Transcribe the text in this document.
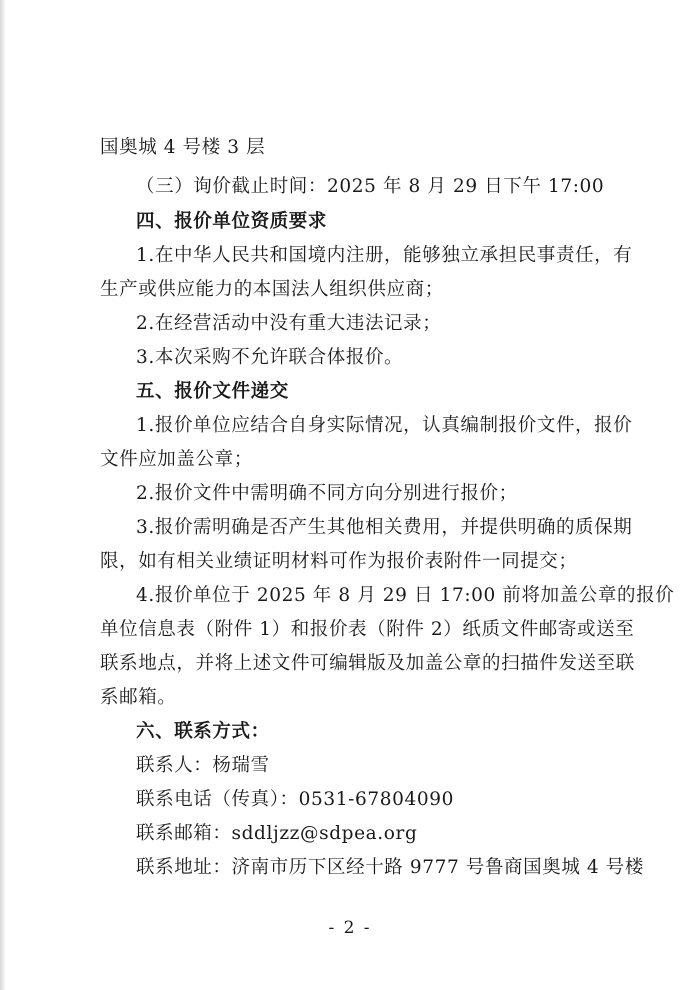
国奥城 4 号楼 3 层
（三）询价截止时间：2025 年 8 月 29 日下午 17:00
四、报价单位资质要求
1.在中华人民共和国境内注册，能够独立承担民事责任，有
生产或供应能力的本国法人组织供应商；
2.在经营活动中没有重大违法记录；
3.本次采购不允许联合体报价。
五、报价文件递交
1.报价单位应结合自身实际情况，认真编制报价文件，报价
文件应加盖公章；
2.报价文件中需明确不同方向分别进行报价；
3.报价需明确是否产生其他相关费用，并提供明确的质保期
限，如有相关业绩证明材料可作为报价表附件一同提交；
4.报价单位于 2025 年 8 月 29 日 17:00 前将加盖公章的报价
单位信息表（附件 1）和报价表（附件 2）纸质文件邮寄或送至
联系地点，并将上述文件可编辑版及加盖公章的扫描件发送至联
系邮箱。
六、联系方式：
联系人：杨瑞雪
联系电话（传真）：0531-67804090
联系邮箱：sddljzz@sdpea.org
联系地址：济南市历下区经十路 9777 号鲁商国奥城 4 号楼
- 2 -
